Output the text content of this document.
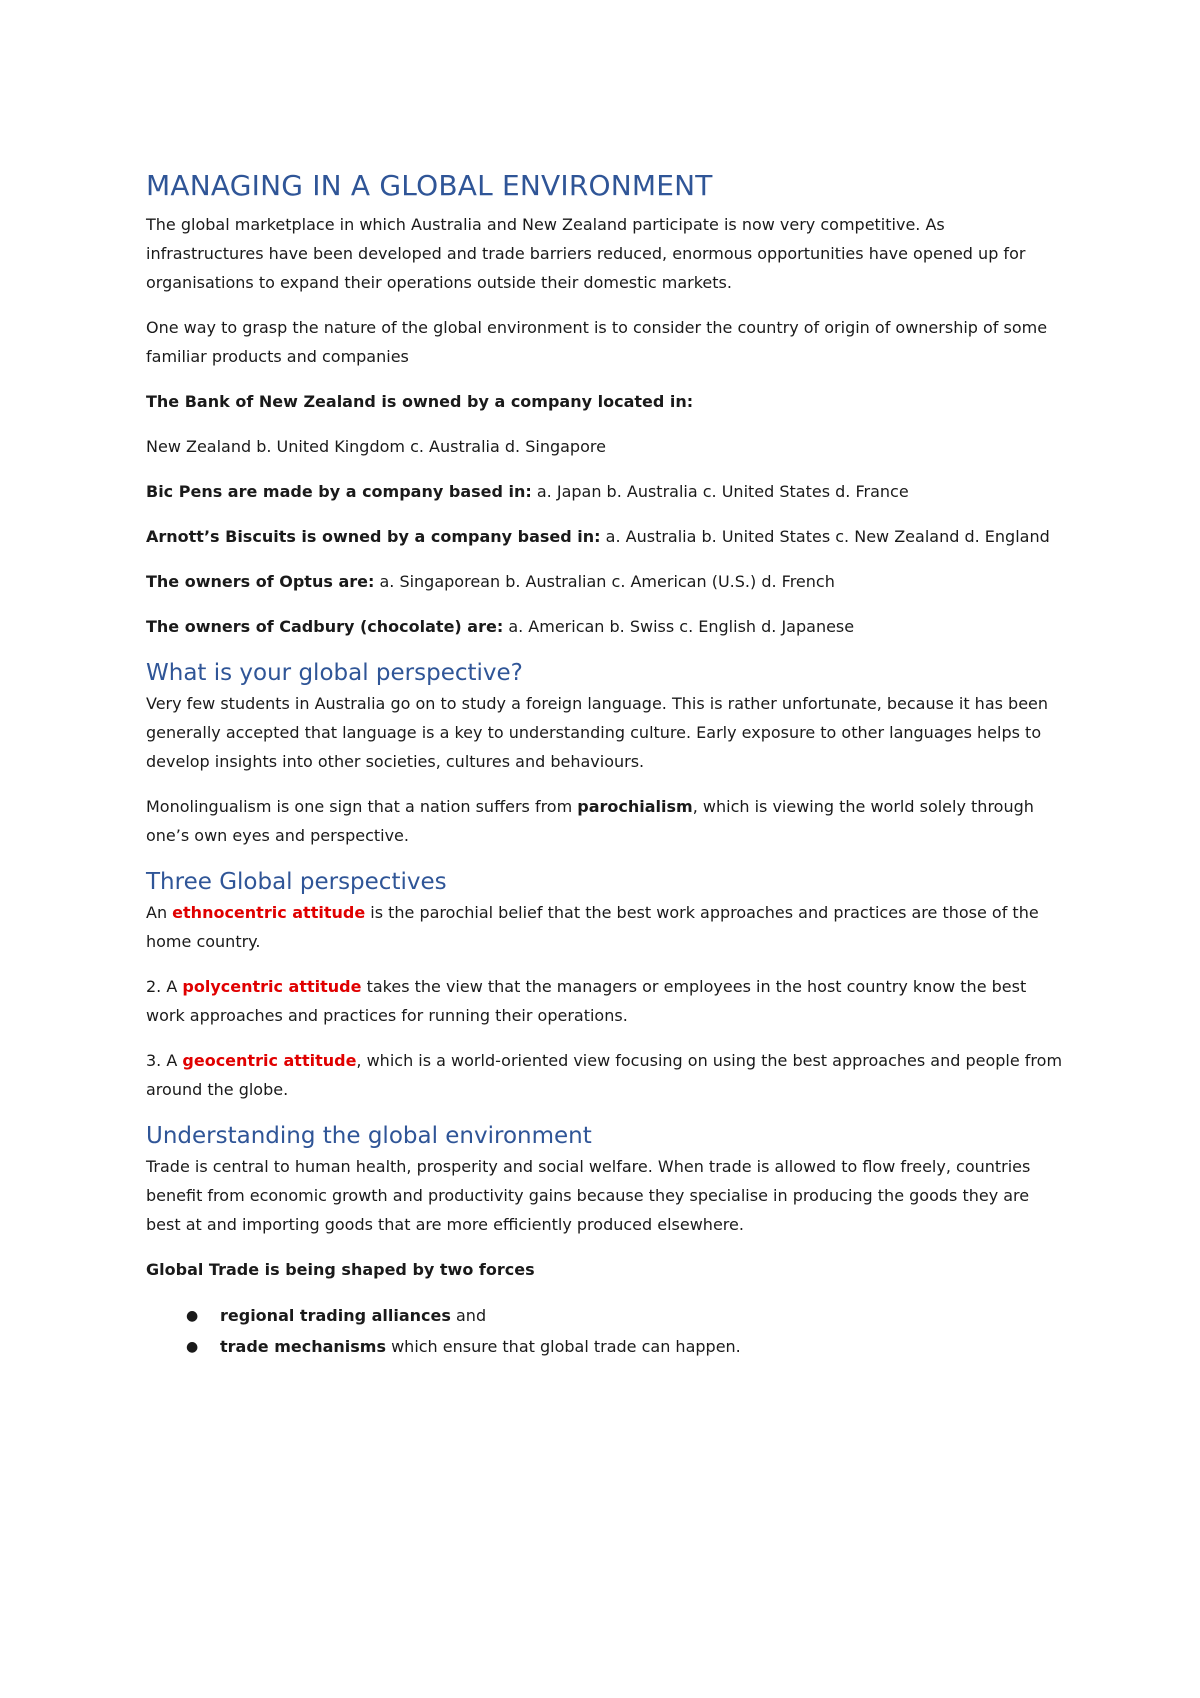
MANAGING IN A GLOBAL ENVIRONMENT

The global marketplace in which Australia and New Zealand participate is now very competitive. As infrastructures have been developed and trade barriers reduced, enormous opportunities have opened up for organisations to expand their operations outside their domestic markets.

One way to grasp the nature of the global environment is to consider the country of origin of ownership of some familiar products and companies

The Bank of New Zealand is owned by a company located in:

New Zealand b. United Kingdom c. Australia d. Singapore

Bic Pens are made by a company based in: a. Japan b. Australia c. United States d. France

Arnott’s Biscuits is owned by a company based in: a. Australia b. United States c. New Zealand d. England

The owners of Optus are: a. Singaporean b. Australian c. American (U.S.) d. French

The owners of Cadbury (chocolate) are: a. American b. Swiss c. English d. Japanese

What is your global perspective?

Very few students in Australia go on to study a foreign language. This is rather unfortunate, because it has been generally accepted that language is a key to understanding culture. Early exposure to other languages helps to develop insights into other societies, cultures and behaviours.

Monolingualism is one sign that a nation suffers from parochialism, which is viewing the world solely through one’s own eyes and perspective.

Three Global perspectives

An ethnocentric attitude is the parochial belief that the best work approaches and practices are those of the home country.

2. A polycentric attitude takes the view that the managers or employees in the host country know the best work approaches and practices for running their operations.

3. A geocentric attitude, which is a world-oriented view focusing on using the best approaches and people from around the globe.

Understanding the global environment

Trade is central to human health, prosperity and social welfare. When trade is allowed to flow freely, countries benefit from economic growth and productivity gains because they specialise in producing the goods they are best at and importing goods that are more efficiently produced elsewhere.

Global Trade is being shaped by two forces

● regional trading alliances and
● trade mechanisms which ensure that global trade can happen.
